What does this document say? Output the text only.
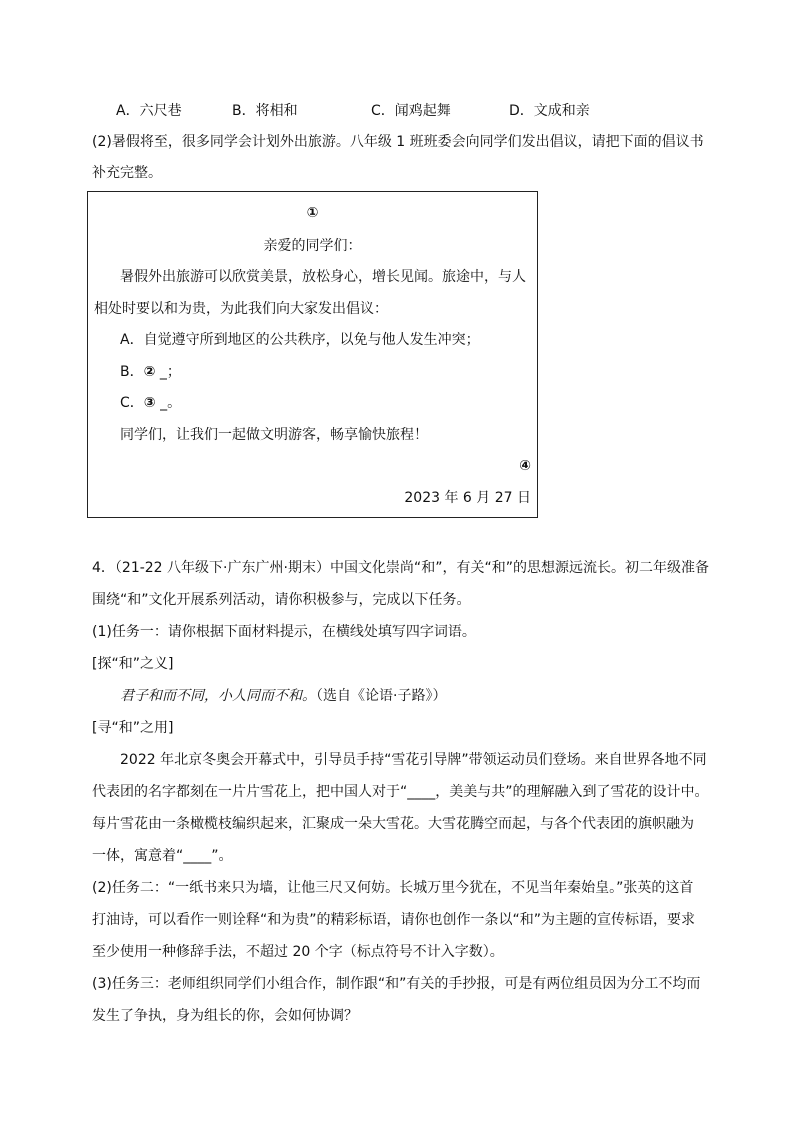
A．六尺巷	B．将相和	C．闻鸡起舞	D．文成和亲
(2)暑假将至，很多同学会计划外出旅游。八年级 1 班班委会向同学们发出倡议，请把下面的倡议书
补充完整。
①
亲爱的同学们：
暑假外出旅游可以欣赏美景，放松身心，增长见闻。旅途中，与人
相处时要以和为贵，为此我们向大家发出倡议：
A．自觉遵守所到地区的公共秩序，以免与他人发生冲突；
B．② _；
C．③ _。
同学们，让我们一起做文明游客，畅享愉快旅程！
④
2023 年 6 月 27 日
4．（21-22 八年级下·广东广州·期末）中国文化崇尚“和”，有关“和”的思想源远流长。初二年级准备
围绕“和”文化开展系列活动，请你积极参与，完成以下任务。
(1)任务一：请你根据下面材料提示，在横线处填写四字词语。
[探“和”之义]
君子和而不同，小人同而不和。（选自《论语·子路》）
[寻“和”之用]
2022 年北京冬奥会开幕式中，引导员手持“雪花引导牌”带领运动员们登场。来自世界各地不同
代表团的名字都刻在一片片雪花上，把中国人对于“____，美美与共”的理解融入到了雪花的设计中。
每片雪花由一条橄榄枝编织起来，汇聚成一朵大雪花。大雪花腾空而起，与各个代表团的旗帜融为
一体，寓意着“____”。
(2)任务二：“一纸书来只为墙，让他三尺又何妨。长城万里今犹在，不见当年秦始皇。”张英的这首
打油诗，可以看作一则诠释“和为贵”的精彩标语，请你也创作一条以“和”为主题的宣传标语，要求
至少使用一种修辞手法，不超过 20 个字（标点符号不计入字数）。
(3)任务三：老师组织同学们小组合作，制作跟“和”有关的手抄报，可是有两位组员因为分工不均而
发生了争执，身为组长的你，会如何协调？
